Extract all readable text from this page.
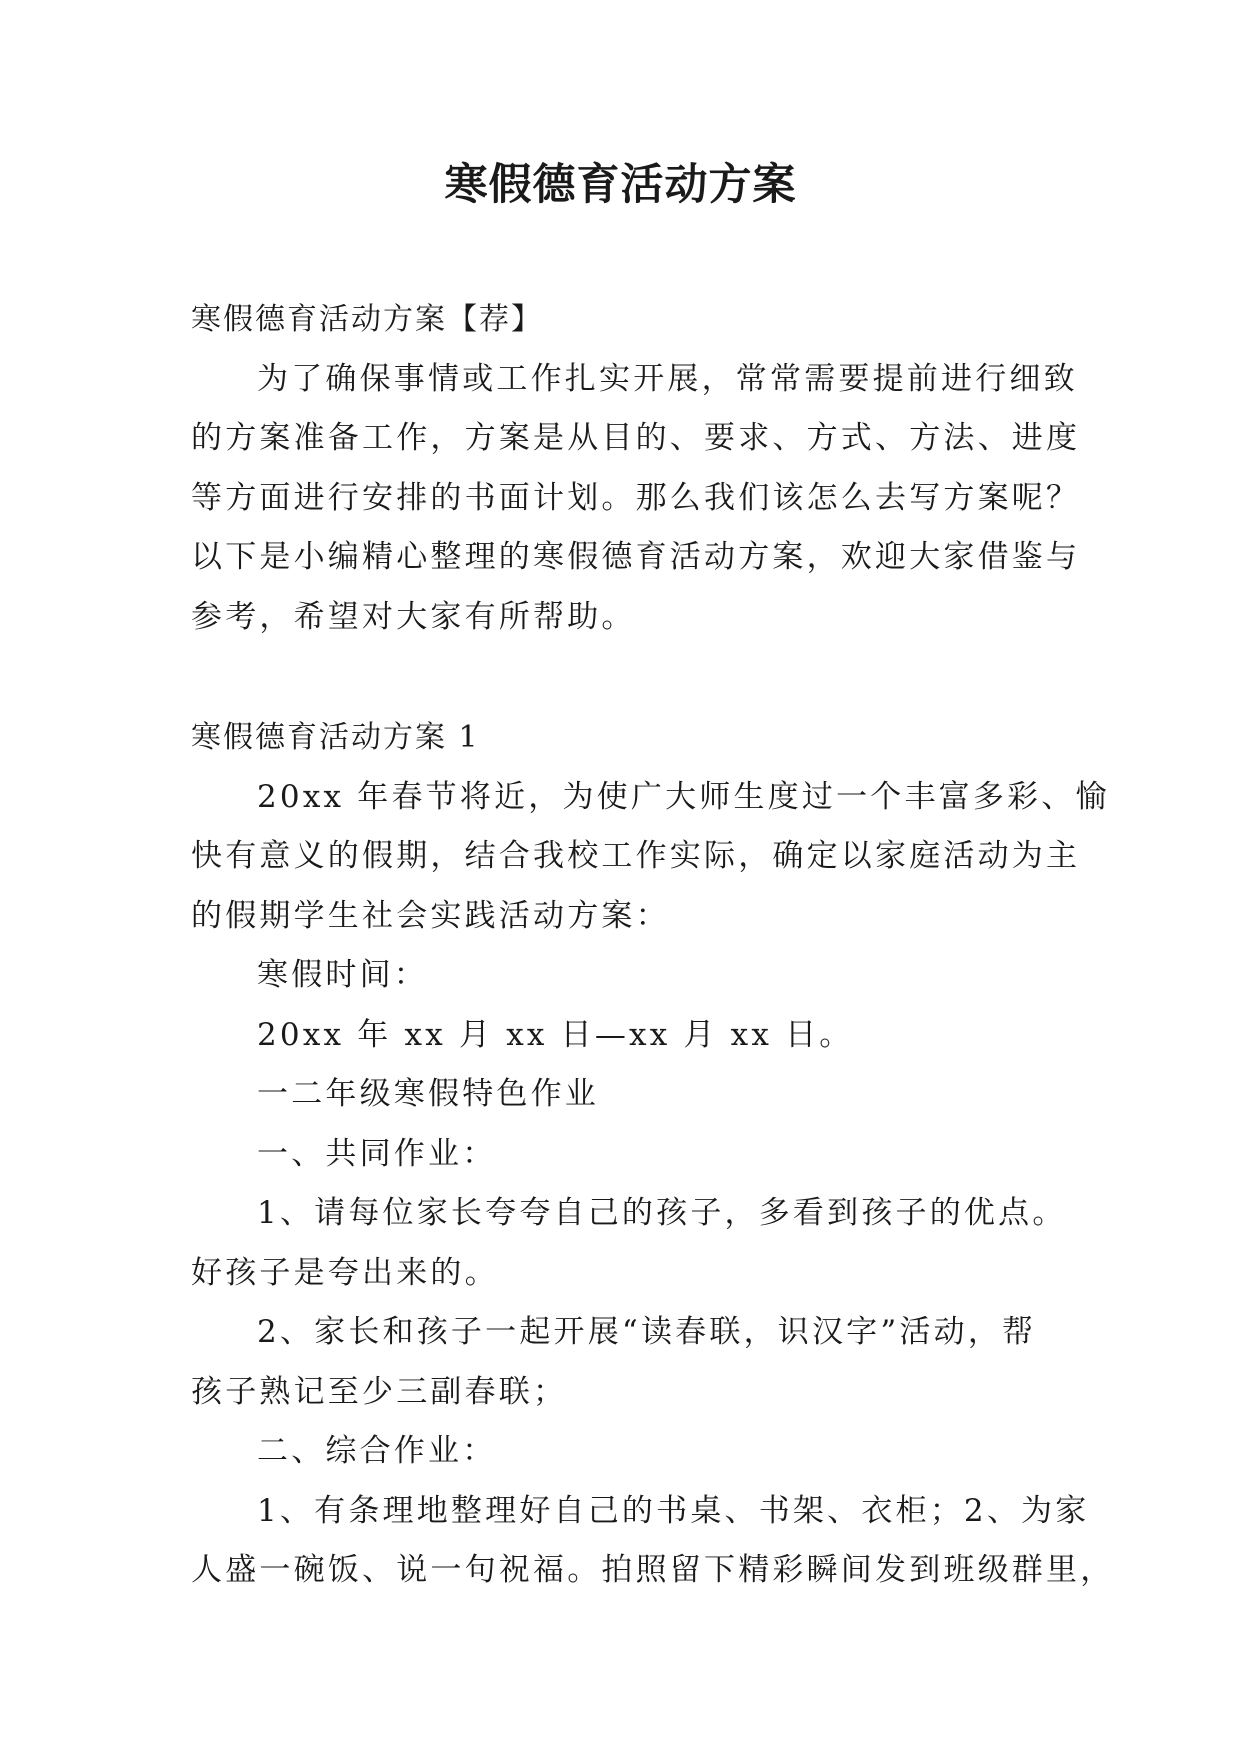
寒假德育活动方案

寒假德育活动方案【荐】

为了确保事情或工作扎实开展，常常需要提前进行细致

的方案准备工作，方案是从目的、要求、方式、方法、进度

等方面进行安排的书面计划。那么我们该怎么去写方案呢？

以下是小编精心整理的寒假德育活动方案，欢迎大家借鉴与

参考，希望对大家有所帮助。

寒假德育活动方案 1

20xx 年春节将近，为使广大师生度过一个丰富多彩、愉

快有意义的假期，结合我校工作实际，确定以家庭活动为主

的假期学生社会实践活动方案：

寒假时间：

20xx 年 xx 月 xx 日—xx 月 xx 日。

一二年级寒假特色作业

一、共同作业：

1、请每位家长夸夸自己的孩子，多看到孩子的优点。

好孩子是夸出来的。

2、家长和孩子一起开展“读春联，识汉字”活动，帮

孩子熟记至少三副春联；

二、综合作业：

1、有条理地整理好自己的书桌、书架、衣柜；2、为家

人盛一碗饭、说一句祝福。拍照留下精彩瞬间发到班级群里，
